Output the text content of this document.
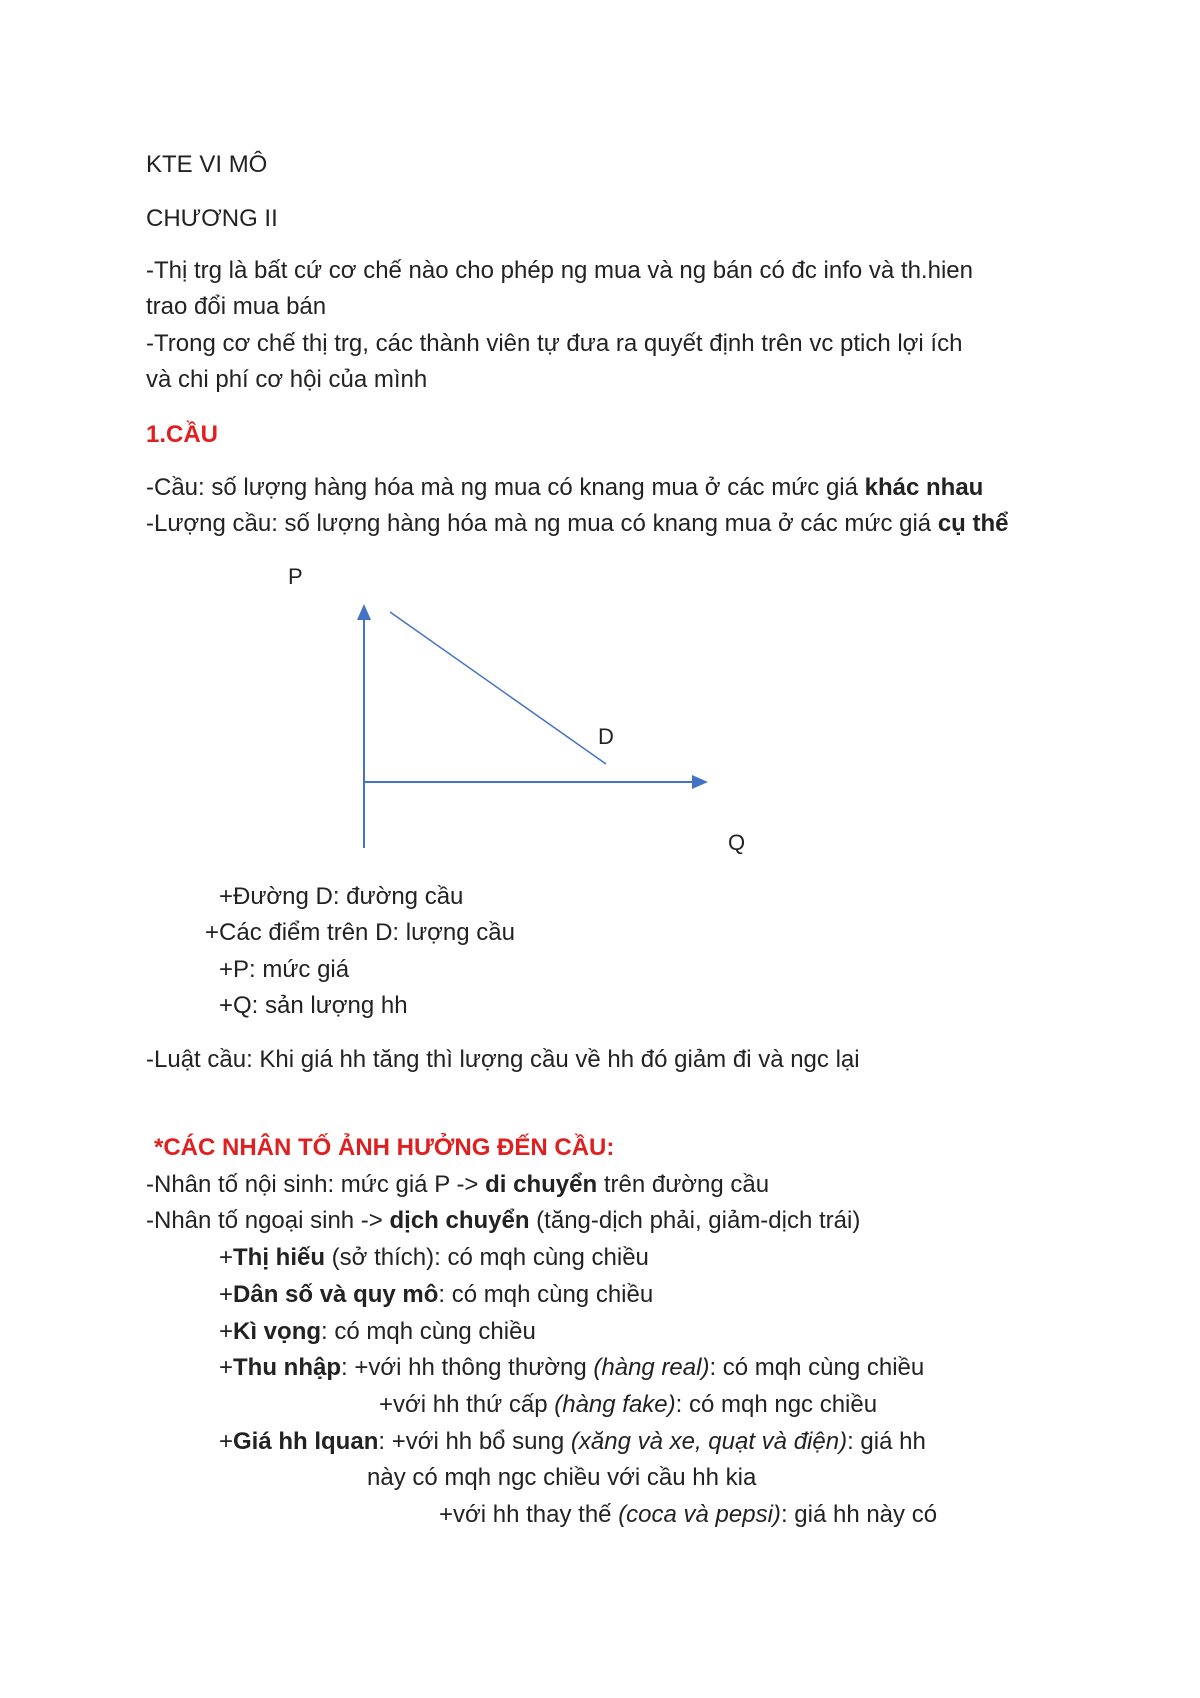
KTE VI MÔ
CHƯƠNG II
-Thị trg là bất cứ cơ chế nào cho phép ng mua và ng bán có đc info và th.hien
trao đổi mua bán
-Trong cơ chế thị trg, các thành viên tự đưa ra quyết định trên vc ptich lợi ích
và chi phí cơ hội của mình
1.CẦU
-Cầu: số lượng hàng hóa mà ng mua có knang mua ở các mức giá khác nhau
-Lượng cầu: số lượng hàng hóa mà ng mua có knang mua ở các mức giá cụ thể
P
D
Q
+Đường D: đường cầu
+Các điểm trên D: lượng cầu
+P: mức giá
+Q: sản lượng hh
-Luật cầu: Khi giá hh tăng thì lượng cầu về hh đó giảm đi và ngc lại
*CÁC NHÂN TỐ ẢNH HƯỞNG ĐẾN CẦU:
-Nhân tố nội sinh: mức giá P -> di chuyển trên đường cầu
-Nhân tố ngoại sinh -> dịch chuyển (tăng-dịch phải, giảm-dịch trái)
+Thị hiếu (sở thích): có mqh cùng chiều
+Dân số và quy mô: có mqh cùng chiều
+Kì vọng: có mqh cùng chiều
+Thu nhập: +với hh thông thường (hàng real): có mqh cùng chiều
+với hh thứ cấp (hàng fake): có mqh ngc chiều
+Giá hh lquan: +với hh bổ sung (xăng và xe, quạt và điện): giá hh
này có mqh ngc chiều với cầu hh kia
+với hh thay thế (coca và pepsi): giá hh này có
